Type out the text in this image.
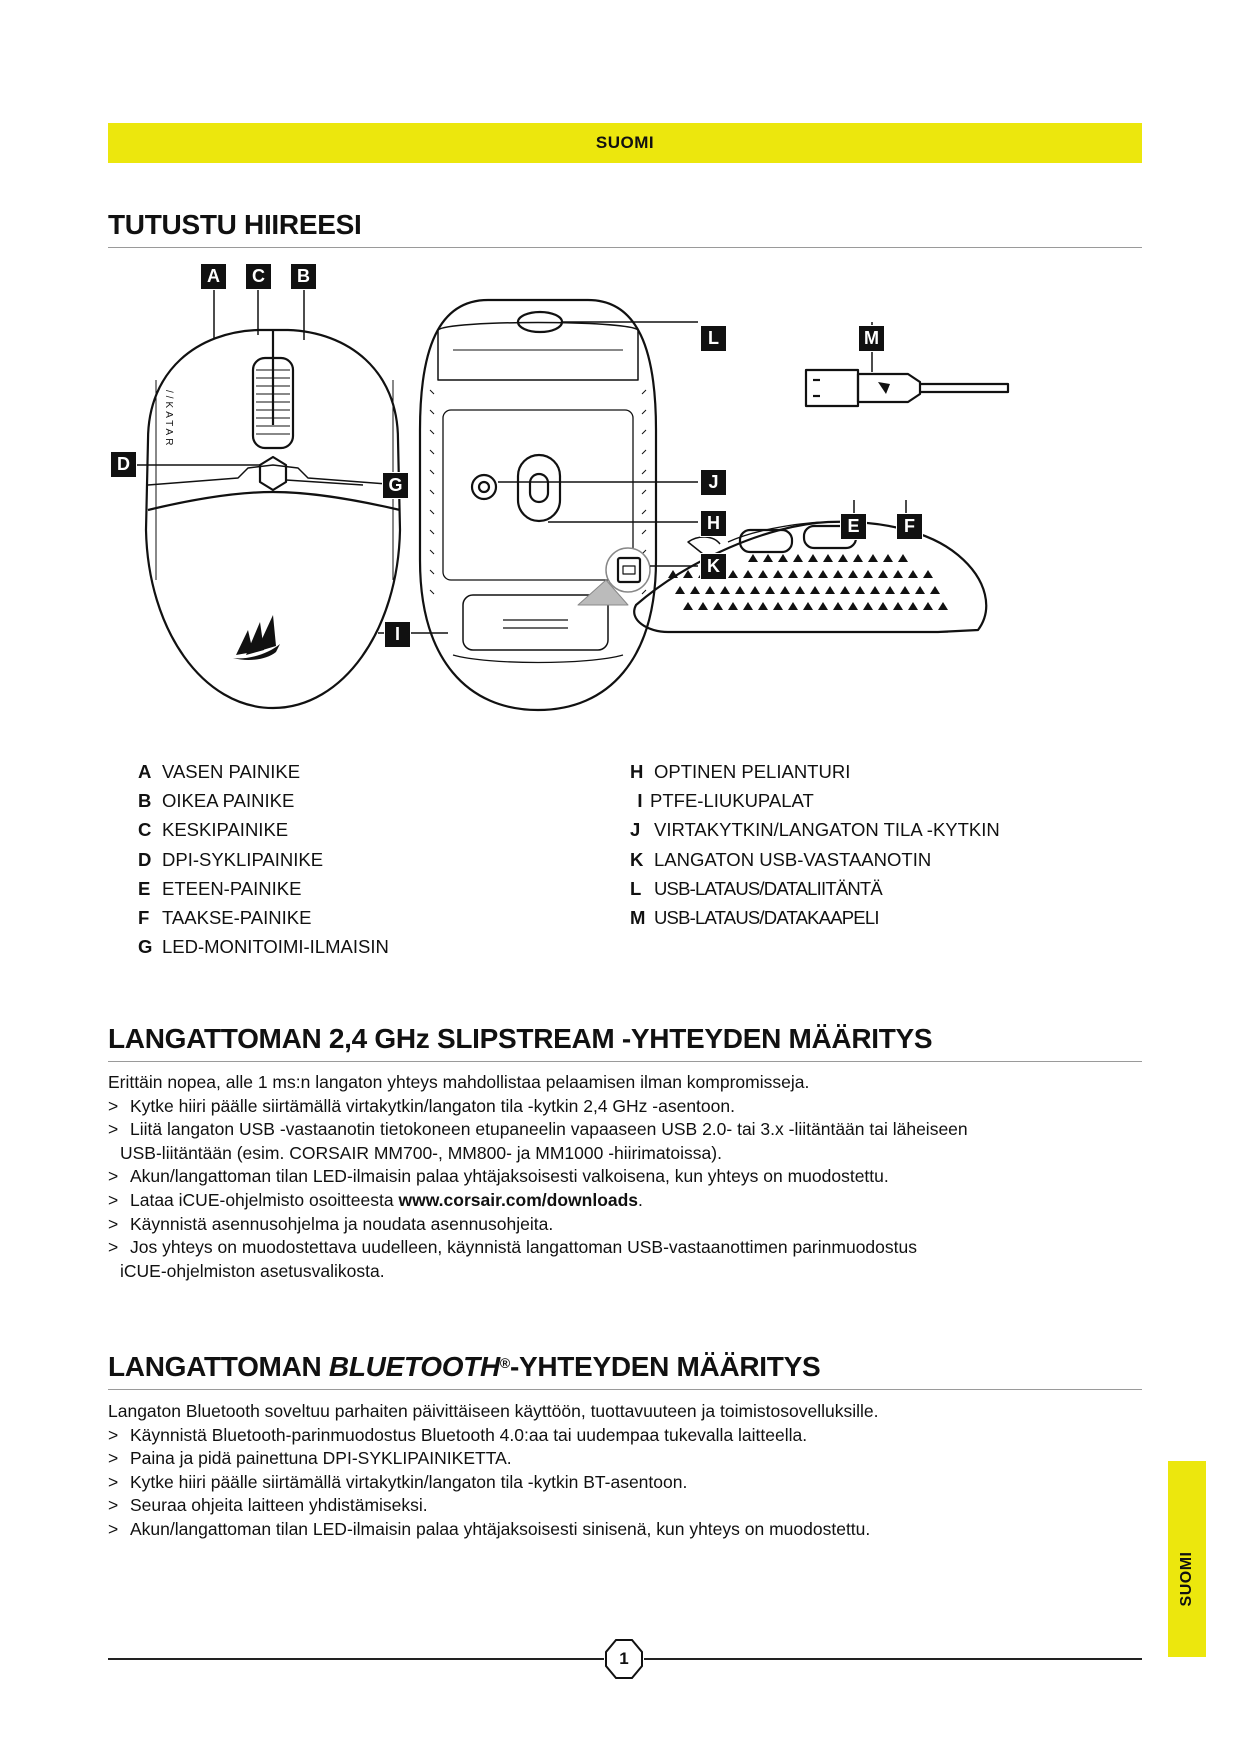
SUOMI
TUTUSTU HIIREESI
//KATAR
A	C	B
D
G
L	M
J
H
K
E	F
I
A VASEN PAINIKE
B OIKEA PAINIKE
C KESKIPAINIKE
D DPI-SYKLIPAINIKE
E ETEEN-PAINIKE
F TAAKSE-PAINIKE
G LED-MONITOIMI-ILMAISIN
H OPTINEN PELIANTURI
I PTFE-LIUKUPALAT
J VIRTAKYTKIN/LANGATON TILA -KYTKIN
K LANGATON USB-VASTAANOTIN
L USB-LATAUS/DATALIITÄNTÄ
M USB-LATAUS/DATAKAAPELI
LANGATTOMAN 2,4 GHz SLIPSTREAM -YHTEYDEN MÄÄRITYS

Erittäin nopea, alle 1 ms:n langaton yhteys mahdollistaa pelaamisen ilman kompromisseja.

> Kytke hiiri päälle siirtämällä virtakytkin/langaton tila -kytkin 2,4 GHz -asentoon.

> Liitä langaton USB -vastaanotin tietokoneen etupaneelin vapaaseen USB 2.0- tai 3.x -liitäntään tai läheiseen

USB-liitäntään (esim. CORSAIR MM700-, MM800- ja MM1000 -hiirimatoissa).

> Akun/langattoman tilan LED-ilmaisin palaa yhtäjaksoisesti valkoisena, kun yhteys on muodostettu.

> Lataa iCUE-ohjelmisto osoitteesta www.corsair.com/downloads.

> Käynnistä asennusohjelma ja noudata asennusohjeita.

> Jos yhteys on muodostettava uudelleen, käynnistä langattoman USB-vastaanottimen parinmuodostus

iCUE-ohjelmiston asetusvalikosta.

LANGATTOMAN BLUETOOTH®-YHTEYDEN MÄÄRITYS

Langaton Bluetooth soveltuu parhaiten päivittäiseen käyttöön, tuottavuuteen ja toimistosovelluksille.

> Käynnistä Bluetooth-parinmuodostus Bluetooth 4.0:aa tai uudempaa tukevalla laitteella.

> Paina ja pidä painettuna DPI-SYKLIPAINIKETTA.

> Kytke hiiri päälle siirtämällä virtakytkin/langaton tila -kytkin BT-asentoon.

> Seuraa ohjeita laitteen yhdistämiseksi.

> Akun/langattoman tilan LED-ilmaisin palaa yhtäjaksoisesti sinisenä, kun yhteys on muodostettu.

1
SUOMI
